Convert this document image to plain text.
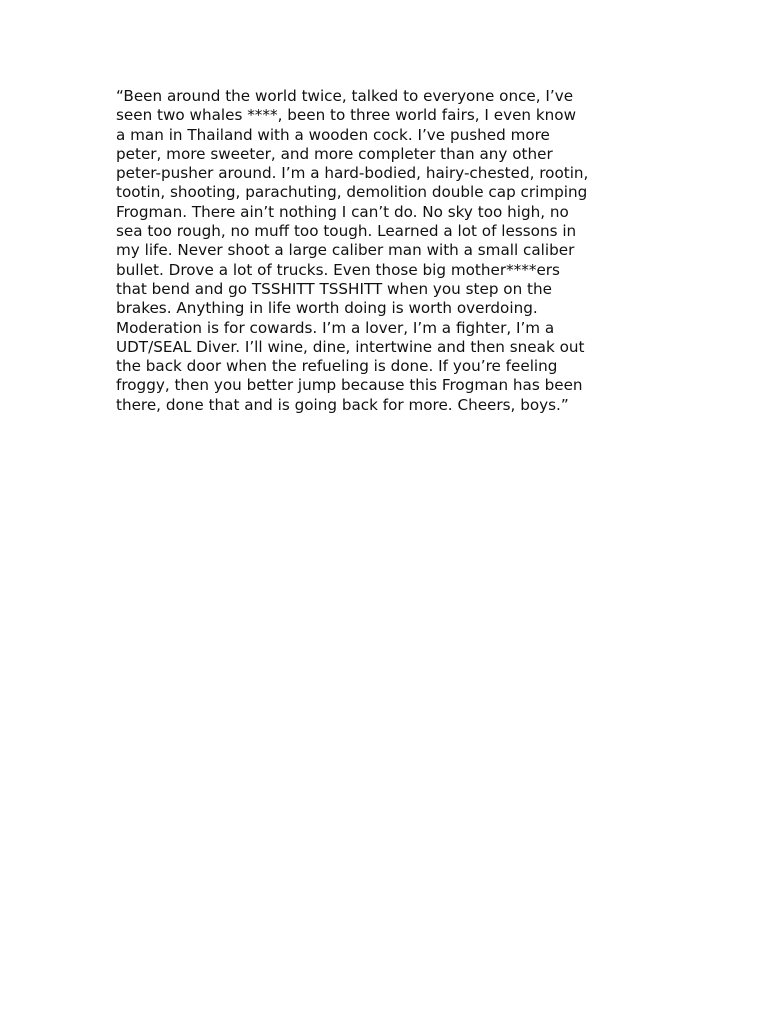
“Been around the world twice, talked to everyone once, I’ve
seen two whales ****, been to three world fairs, I even know
a man in Thailand with a wooden cock. I’ve pushed more
peter, more sweeter, and more completer than any other
peter-pusher around. I’m a hard-bodied, hairy-chested, rootin,
tootin, shooting, parachuting, demolition double cap crimping
Frogman. There ain’t nothing I can’t do. No sky too high, no
sea too rough, no muff too tough. Learned a lot of lessons in
my life. Never shoot a large caliber man with a small caliber
bullet. Drove a lot of trucks. Even those big mother****ers
that bend and go TSSHITT TSSHITT when you step on the
brakes. Anything in life worth doing is worth overdoing.
Moderation is for cowards. I’m a lover, I’m a fighter, I’m a
UDT/SEAL Diver. I’ll wine, dine, intertwine and then sneak out
the back door when the refueling is done. If you’re feeling
froggy, then you better jump because this Frogman has been
there, done that and is going back for more. Cheers, boys.”
